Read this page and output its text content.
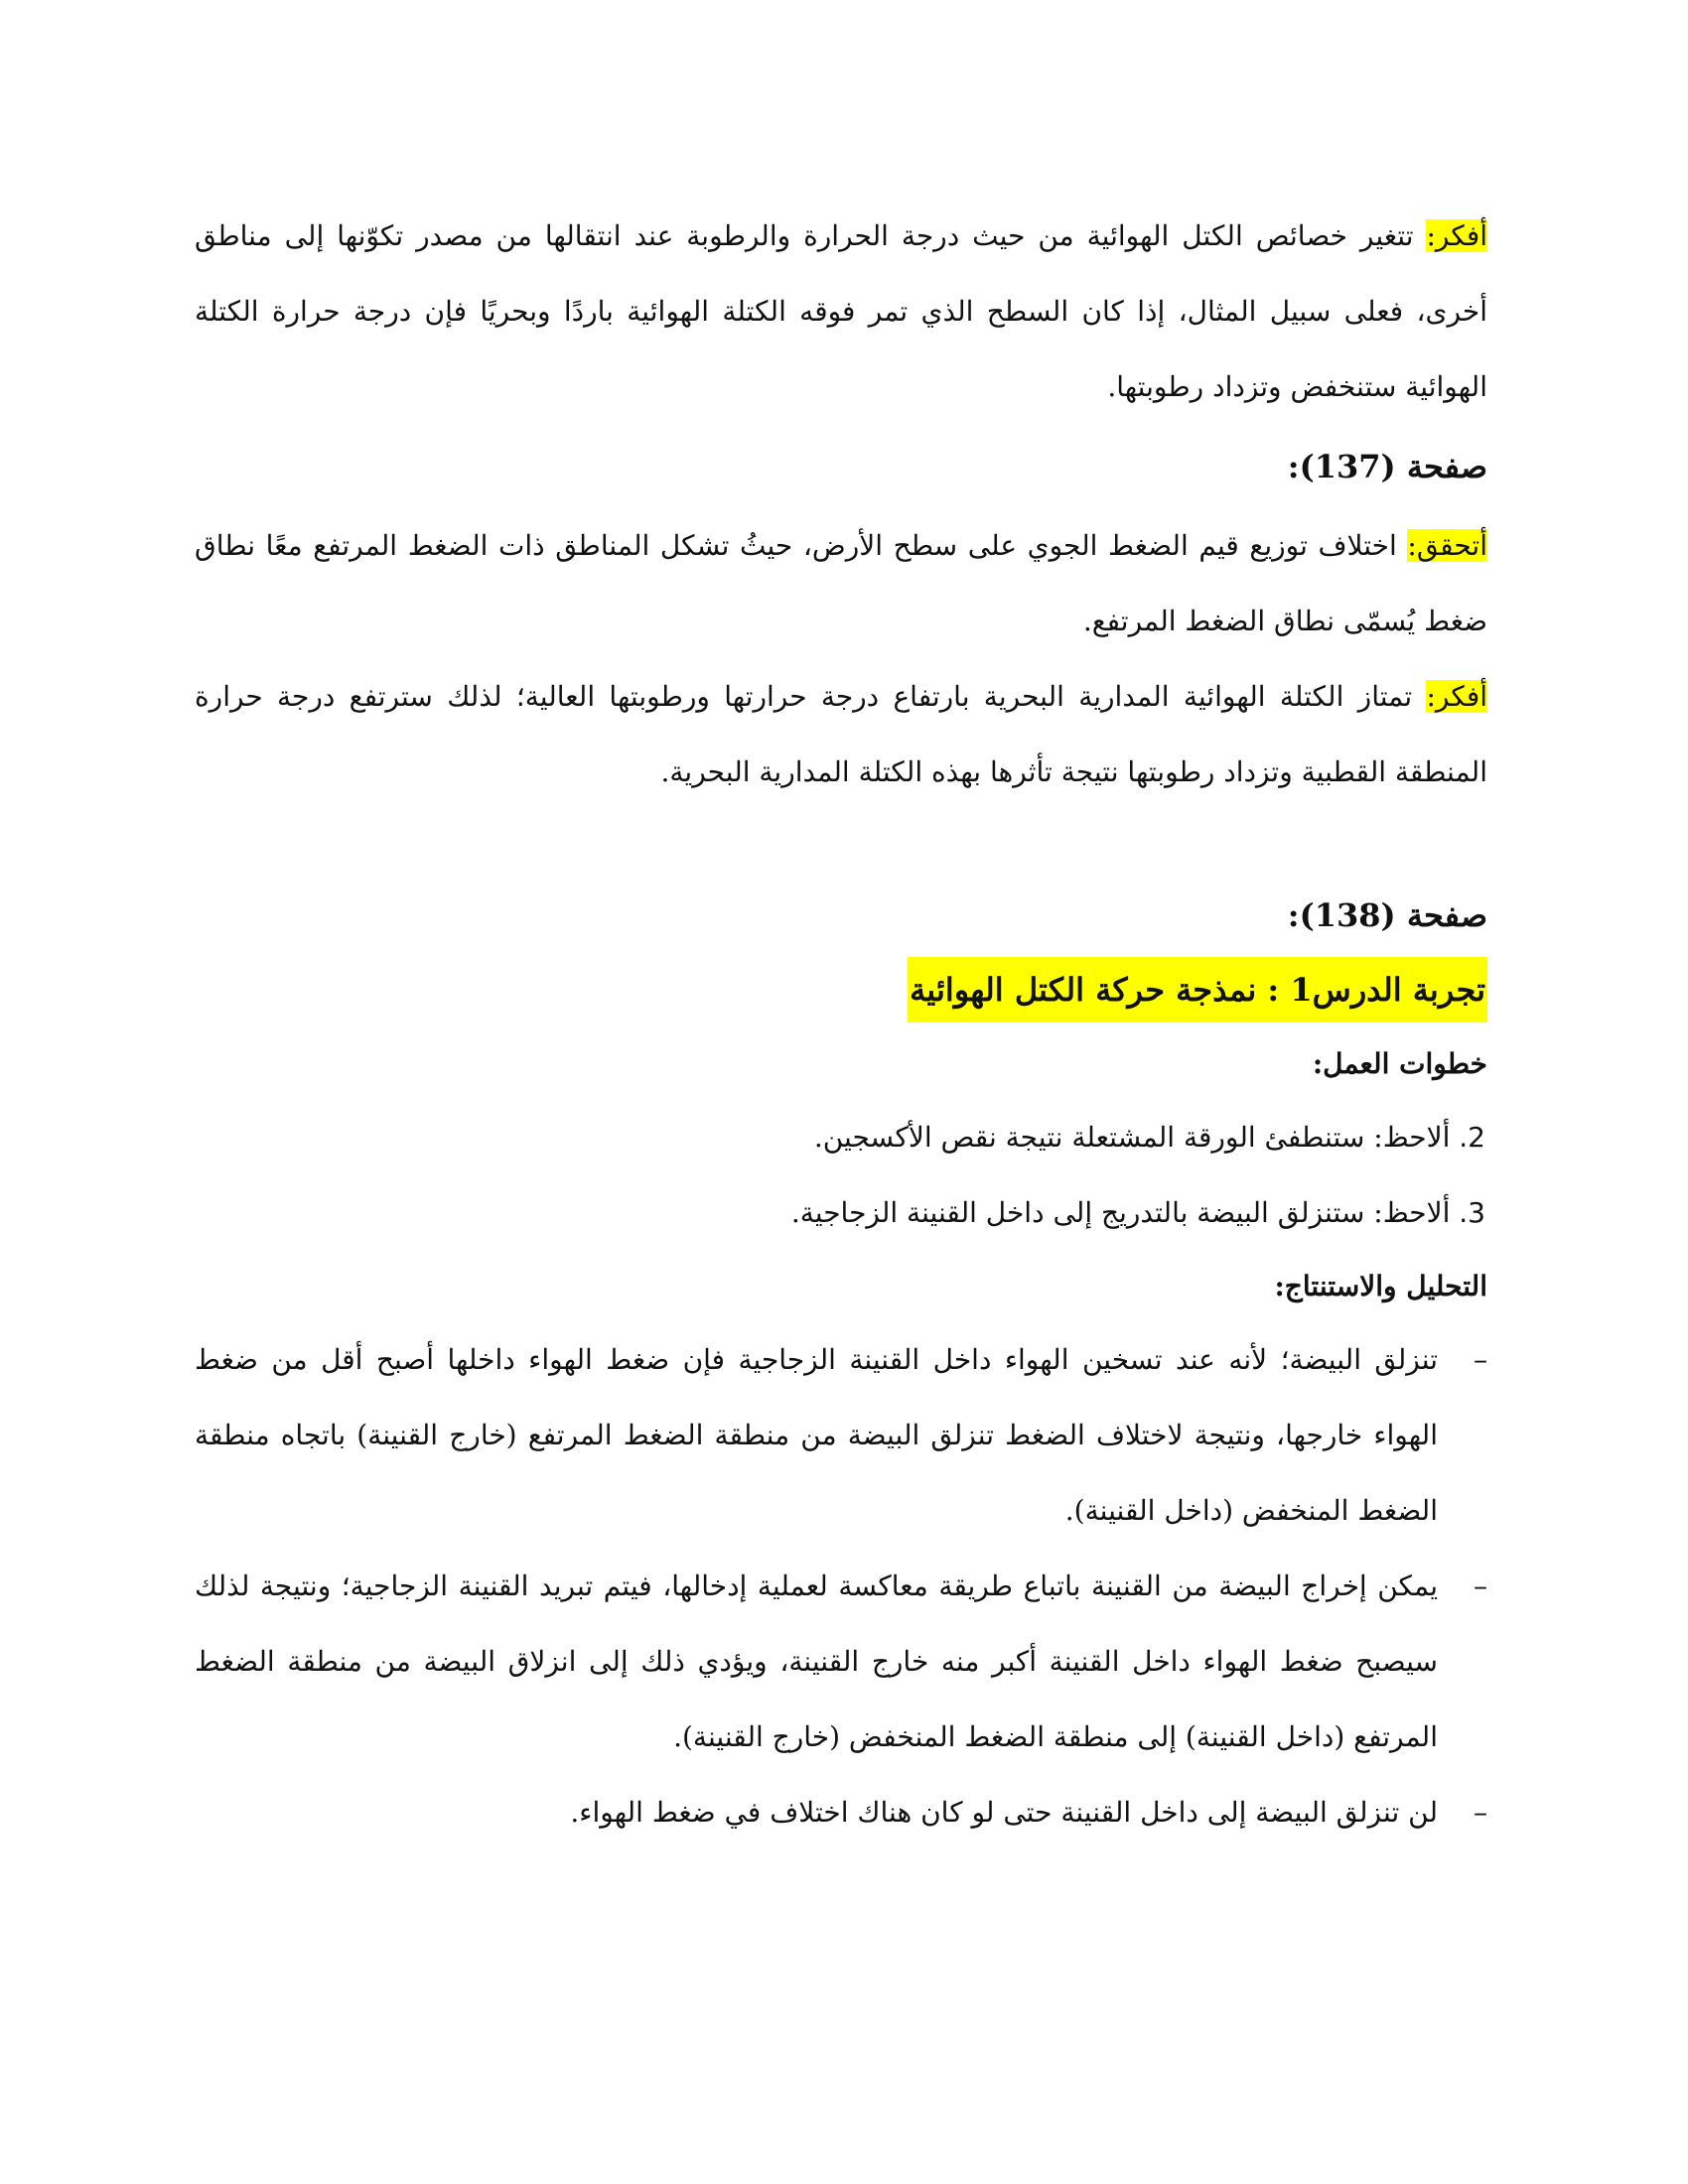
أفكر: تتغير خصائص الكتل الهوائية من حيث درجة الحرارة والرطوبة عند انتقالها من مصدر تكوّنها إلى مناطق أخرى، فعلى سبيل المثال، إذا كان السطح الذي تمر فوقه الكتلة الهوائية باردًا وبحريًا فإن درجة حرارة الكتلة الهوائية ستنخفض وتزداد رطوبتها.

صفحة (137):

أتحقق: اختلاف توزيع قيم الضغط الجوي على سطح الأرض، حيثُ تشكل المناطق ذات الضغط المرتفع معًا نطاق ضغط يُسمّى نطاق الضغط المرتفع.

أفكر: تمتاز الكتلة الهوائية المدارية البحرية بارتفاع درجة حرارتها ورطوبتها العالية؛ لذلك سترتفع درجة حرارة المنطقة القطبية وتزداد رطوبتها نتيجة تأثرها بهذه الكتلة المدارية البحرية.

صفحة (138):

تجربة الدرس1 : نمذجة حركة الكتل الهوائية

خطوات العمل:

2. ألاحظ: ستنطفئ الورقة المشتعلة نتيجة نقص الأكسجين.

3. ألاحظ: ستنزلق البيضة بالتدريج إلى داخل القنينة الزجاجية.

التحليل والاستنتاج:

–
تنزلق البيضة؛ لأنه عند تسخين الهواء داخل القنينة الزجاجية فإن ضغط الهواء داخلها أصبح أقل من ضغط الهواء خارجها، ونتيجة لاختلاف الضغط تنزلق البيضة من منطقة الضغط المرتفع (خارج القنينة) باتجاه منطقة الضغط المنخفض (داخل القنينة).
–
يمكن إخراج البيضة من القنينة باتباع طريقة معاكسة لعملية إدخالها، فيتم تبريد القنينة الزجاجية؛ ونتيجة لذلك سيصبح ضغط الهواء داخل القنينة أكبر منه خارج القنينة، ويؤدي ذلك إلى انزلاق البيضة من منطقة الضغط المرتفع (داخل القنينة) إلى منطقة الضغط المنخفض (خارج القنينة).
–
لن تنزلق البيضة إلى داخل القنينة حتى لو كان هناك اختلاف في ضغط الهواء.
